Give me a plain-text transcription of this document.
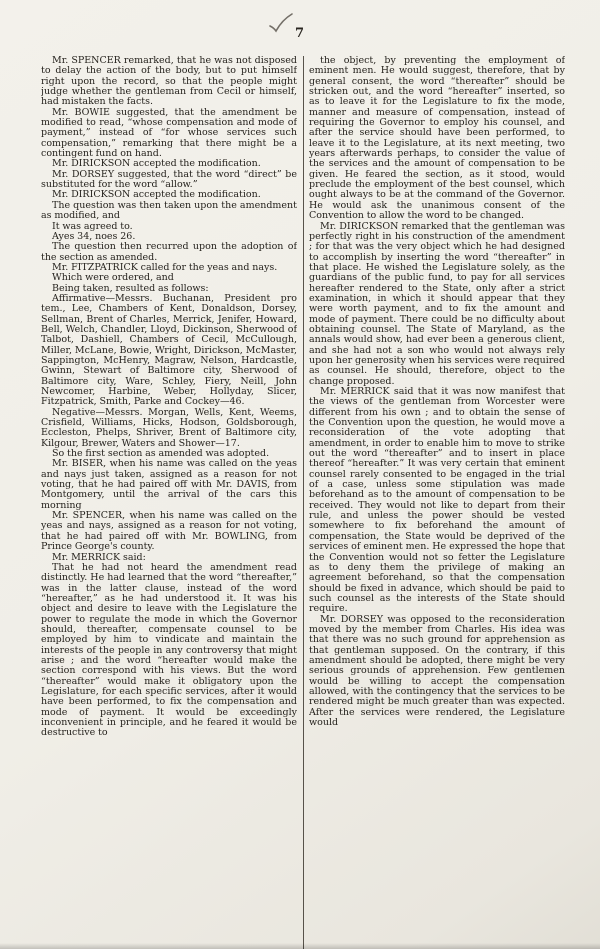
7

Mr. SPENCER remarked, that he was not disposed to delay the action of the body, but to put himself right upon the record, so that the people might judge whether the gentleman from Cecil or himself, had mistaken the facts.

Mr. BOWIE suggested, that the amendment be modified to read, “whose compensation and mode of payment,” instead of “for whose services such compensation,” remarking that there might be a contingent fund on hand.

Mr. DIRICKSON accepted the modification.

Mr. DORSEY suggested, that the word “direct” be substituted for the word “allow.”

Mr. DIRICKSON accepted the modification.

The question was then taken upon the amendment as modified, and

It was agreed to.

Ayes 34, noes 26.

The question then recurred upon the adoption of the section as amended.

Mr. FITZPATRICK called for the yeas and nays.

Which were ordered, and

Being taken, resulted as follows:

Affirmative—Messrs. Buchanan, President pro tem., Lee, Chambers of Kent, Donaldson, Dorsey, Sellman, Brent of Charles, Merrick, Jenifer, Howard, Bell, Welch, Chandler, Lloyd, Dickinson, Sherwood of Talbot, Dashiell, Chambers of Cecil, McCullough, Miller, McLane, Bowie, Wright, Dirickson, McMaster, Sappington, McHenry, Magraw, Nelson, Hardcastle, Gwinn, Stewart of Baltimore city, Sherwood of Baltimore city, Ware, Schley, Fiery, Neill, John Newcomer, Harbine, Weber, Hollyday, Slicer, Fitzpatrick, Smith, Parke and Cockey—46.

Negative—Messrs. Morgan, Wells, Kent, Weems, Crisfield, Williams, Hicks, Hodson, Goldsborough, Eccleston, Phelps, Shriver, Brent of Baltimore city, Kilgour, Brewer, Waters and Shower—17.

So the first section as amended was adopted.

Mr. BISER, when his name was called on the yeas and nays just taken, assigned as a reason for not voting, that he had paired off with Mr. DAVIS, from Montgomery, until the arrival of the cars this morning

Mr. SPENCER, when his name was called on the yeas and nays, assigned as a reason for not voting, that he had paired off with Mr. BOWLING, from Prince George's county.

Mr. MERRICK said:

That he had not heard the amendment read distinctly. He had learned that the word “thereafter,” was in the latter clause, instead of the word “hereafter,” as he had understood it. It was his object and desire to leave with the Legislature the power to regulate the mode in which the Governor should, thereafter, compensate counsel to be employed by him to vindicate and maintain the interests of the people in any controversy that might arise ; and the word “hereafter would make the section correspond with his views. But the word “thereafter” would make it obligatory upon the Legislature, for each specific services, after it would have been performed, to fix the compensation and mode of payment. It would be exceedingly inconvenient in principle, and he feared it would be destructive to

the object, by preventing the employment of eminent men. He would suggest, therefore, that by general consent, the word “thereafter” should be stricken out, and the word “hereafter” inserted, so as to leave it for the Legislature to fix the mode, manner and measure of compensation, instead of requiring the Governor to employ his counsel, and after the service should have been performed, to leave it to the Legislature, at its next meeting, two years afterwards perhaps, to consider the value of the services and the amount of compensation to be given. He feared the section, as it stood, would preclude the employment of the best counsel, which ought always to be at the command of the Governor. He would ask the unanimous consent of the Convention to allow the word to be changed.

Mr. DIRICKSON remarked that the gentleman was perfectly right in his construction of the amendment ; for that was the very object which he had designed to accomplish by inserting the word “thereafter” in that place. He wished the Legislature solely, as the guardians of the public fund, to pay for all services hereafter rendered to the State, only after a strict examination, in which it should appear that they were worth payment, and to fix the amount and mode of payment. There could be no difficulty about obtaining counsel. The State of Maryland, as the annals would show, had ever been a generous client, and she had not a son who would not always rely upon her generosity when his services were required as counsel. He should, therefore, object to the change proposed.

Mr. MERRICK said that it was now manifest that the views of the gentleman from Worcester were different from his own ; and to obtain the sense of the Convention upon the question, he would move a reconsideration of the vote adopting that amendment, in order to enable him to move to strike out the word “thereafter” and to insert in place thereof “hereafter.” It was very certain that eminent counsel rarely consented to be engaged in the trial of a case, unless some stipulation was made beforehand as to the amount of compensation to be received. They would not like to depart from their rule, and unless the power should be vested somewhere to fix beforehand the amount of compensation, the State would be deprived of the services of eminent men. He expressed the hope that the Convention would not so fetter the Legislature as to deny them the privilege of making an agreement beforehand, so that the compensation should be fixed in advance, which should be paid to such counsel as the interests of the State should require.

Mr. DORSEY was opposed to the reconsideration moved by the member from Charles. His idea was that there was no such ground for apprehension as that gentleman supposed. On the contrary, if this amendment should be adopted, there might be very serious grounds of apprehension. Few gentlemen would be willing to accept the compensation allowed, with the contingency that the services to be rendered might be much greater than was expected. After the services were rendered, the Legislature would
